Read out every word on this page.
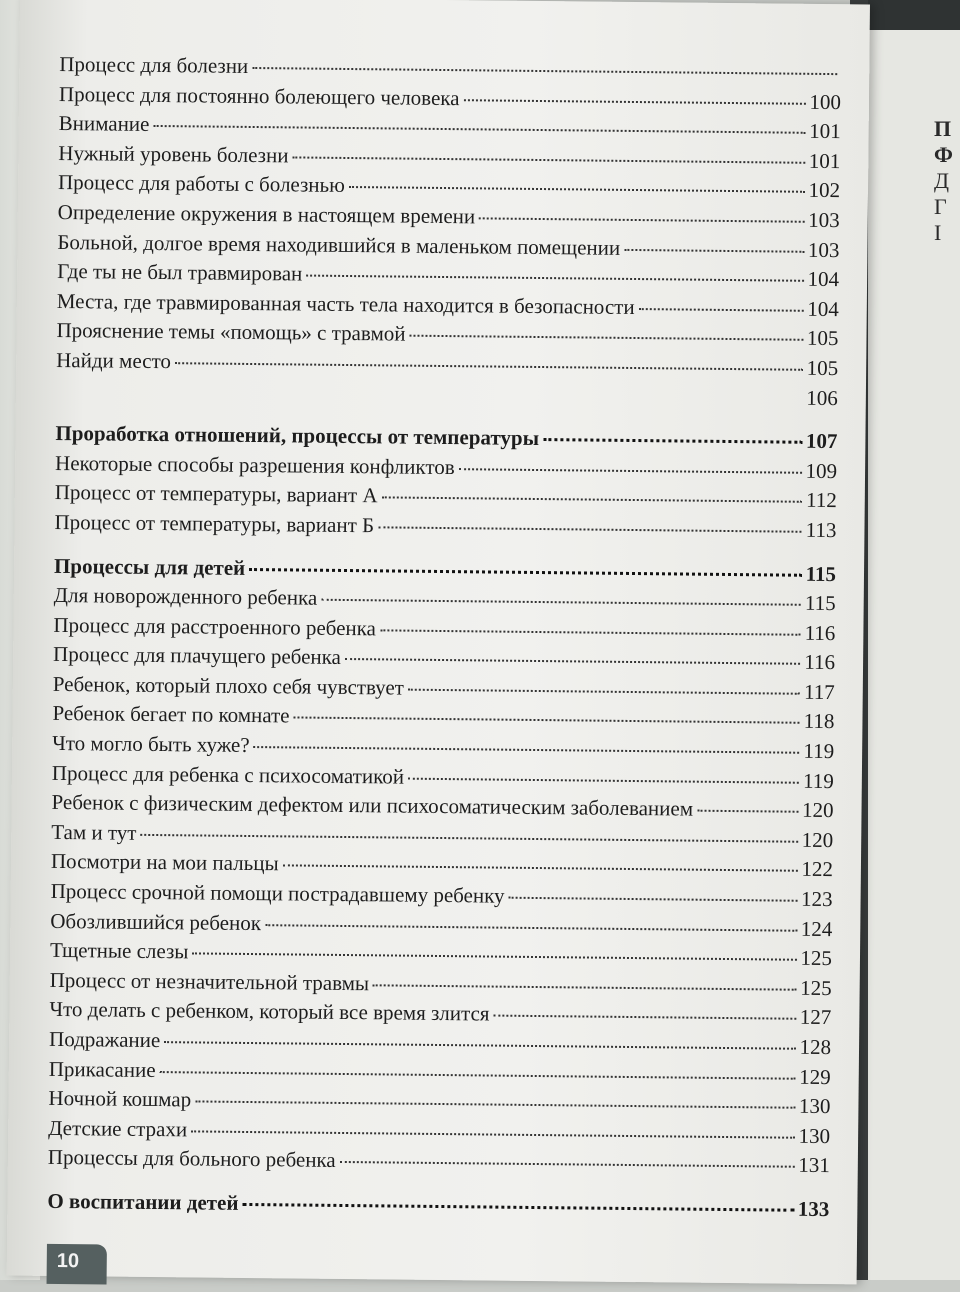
П
Ф
Д
Г
I
Процесс для болезни
Процесс для постоянно болеющего человека	100
Внимание	101
Нужный уровень болезни	101
Процесс для работы с болезнью	102
Определение окружения в настоящем времени	103
Больной, долгое время находившийся в маленьком помещении	103
Где ты не был травмирован	104
Места, где травмированная часть тела находится в безопасности	104
Прояснение темы «помощь» с травмой	105
Найди место	105
106
Проработка отношений, процессы от температуры	107
Некоторые способы разрешения конфликтов	109
Процесс от температуры, вариант А	112
Процесс от температуры, вариант Б	113
Процессы для детей	115
Для новорожденного ребенка	115
Процесс для расстроенного ребенка	116
Процесс для плачущего ребенка	116
Ребенок, который плохо себя чувствует	117
Ребенок бегает по комнате	118
Что могло быть хуже?	119
Процесс для ребенка с психосоматикой	119
Ребенок с физическим дефектом или психосоматическим заболеванием	120
Там и тут	120
Посмотри на мои пальцы	122
Процесс срочной помощи пострадавшему ребенку	123
Обозлившийся ребенок	124
Тщетные слезы	125
Процесс от незначительной травмы	125
Что делать с ребенком, который все время злится	127
Подражание	128
Прикасание	129
Ночной кошмар	130
Детские страхи	130
Процессы для больного ребенка	131
О воспитании детей	133
10
